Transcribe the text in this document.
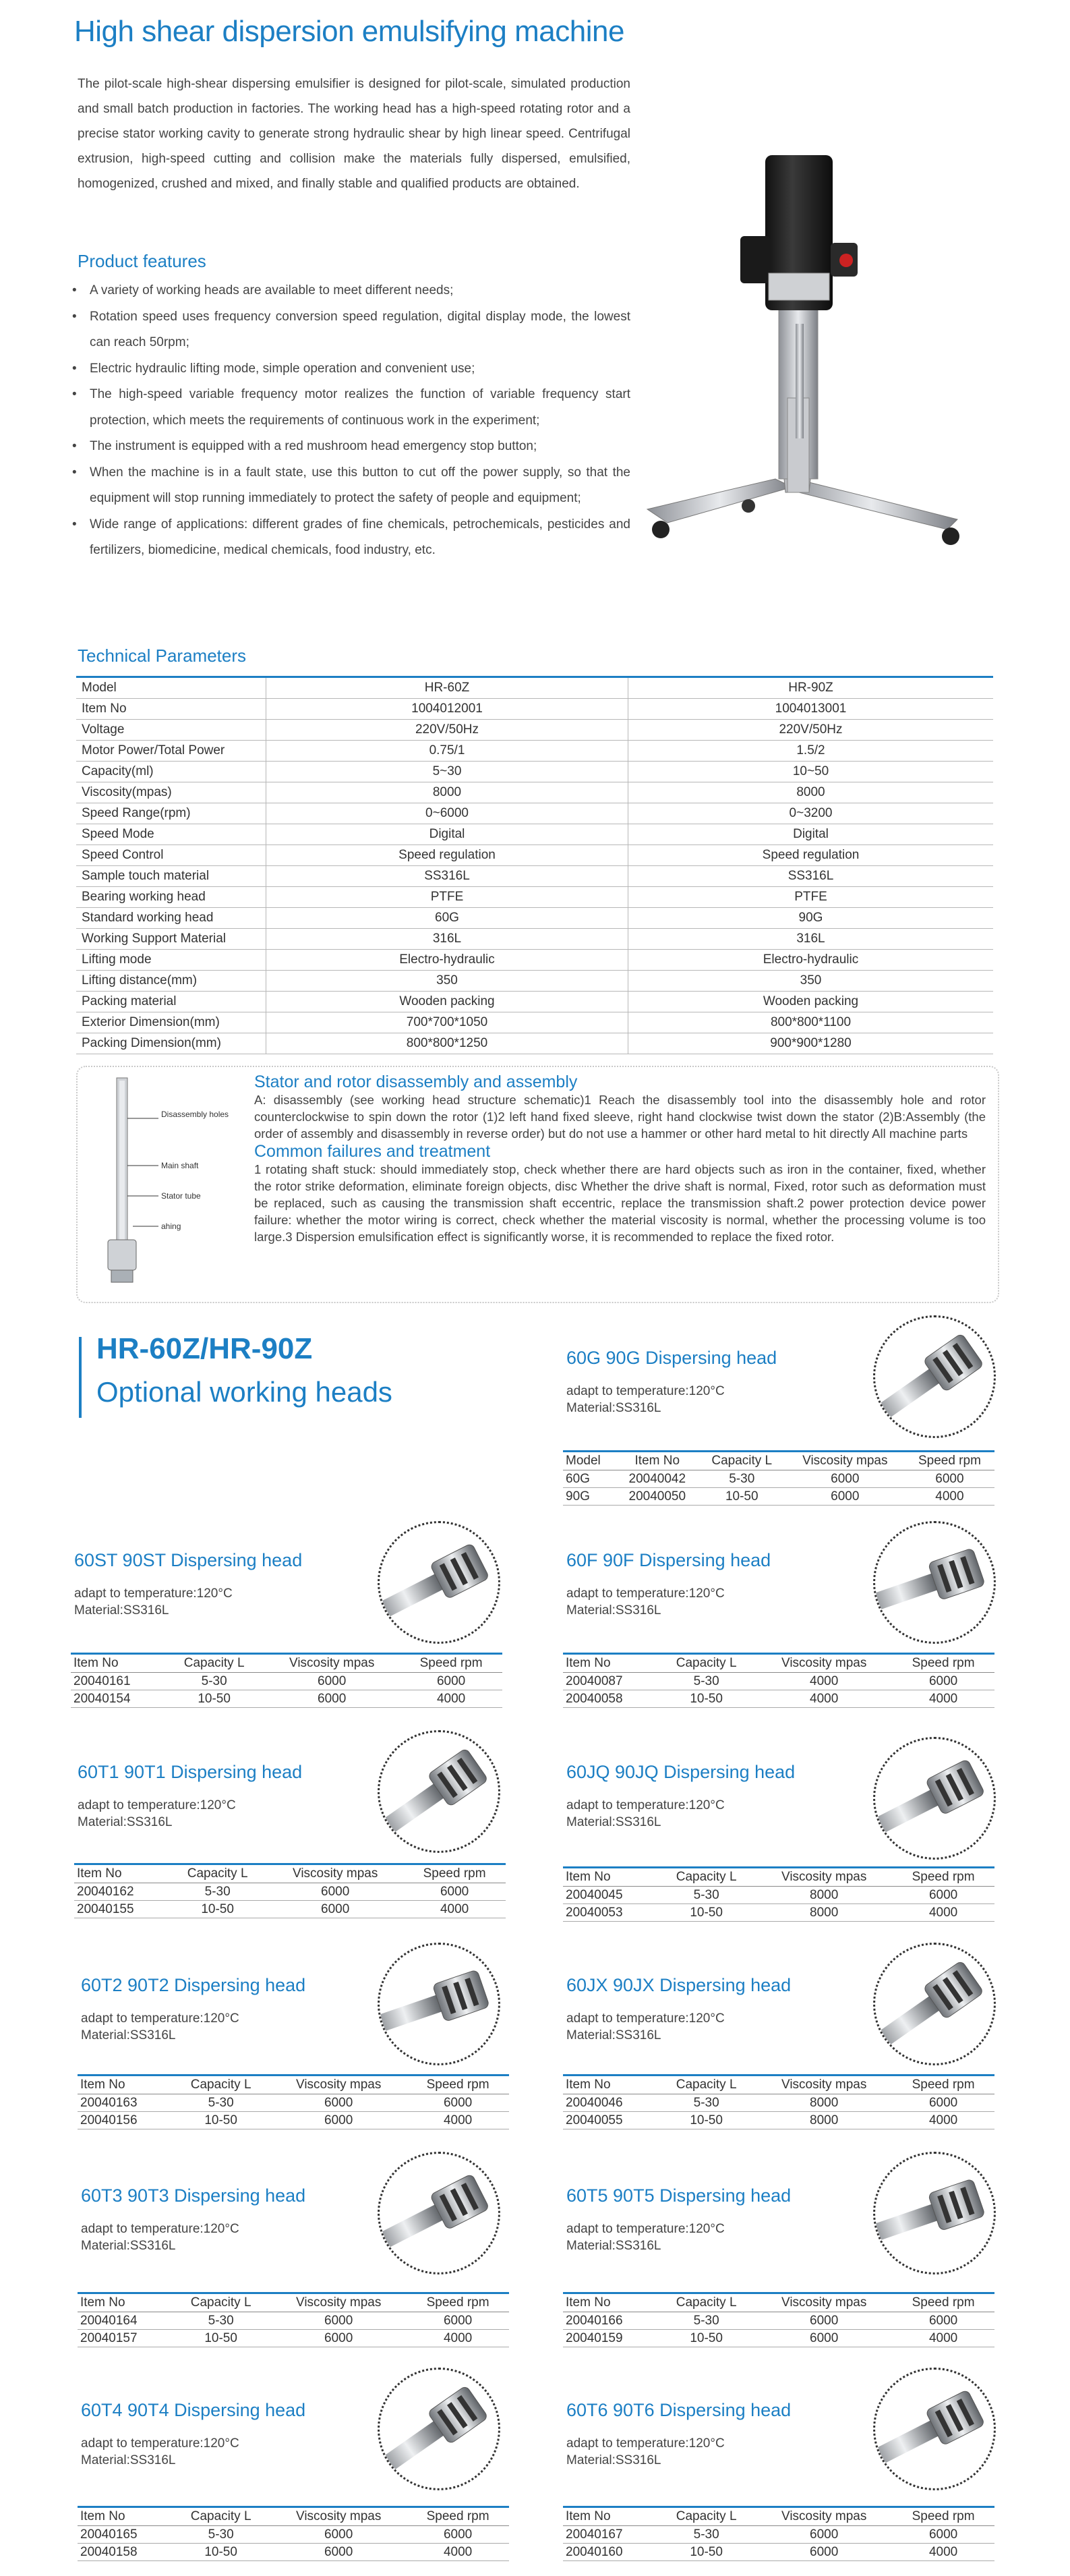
High shear dispersion emulsifying machine

The pilot-scale high-shear dispersing emulsifier is designed for pilot-scale, simulated production and small batch production in factories. The working head has a high-speed rotating rotor and a precise stator working cavity to generate strong hydraulic shear by high linear speed. Centrifugal extrusion, high-speed cutting and collision make the materials fully dispersed, emulsified, homogenized, crushed and mixed, and finally stable and qualified products are obtained.

Product features
• A variety of working heads are available to meet different needs;
• Rotation speed uses frequency conversion speed regulation, digital display mode, the lowest can reach 50rpm;
• Electric hydraulic lifting mode, simple operation and convenient use;
• The high-speed variable frequency motor realizes the function of variable frequency start protection, which meets the requirements of continuous work in the experiment;
• The instrument is equipped with a red mushroom head emergency stop button;
• When the machine is in a fault state, use this button to cut off the power supply, so that the equipment will stop running immediately to protect the safety of people and equipment;
• Wide range of applications: different grades of fine chemicals, petrochemicals, pesticides and fertilizers, biomedicine, medical chemicals, food industry, etc.
Technical Parameters
Model	HR-60Z	HR-90Z
Item No	1004012001	1004013001
Voltage	220V/50Hz	220V/50Hz
Motor Power/Total Power	0.75/1	1.5/2
Capacity(ml)	5~30	10~50
Viscosity(mpas)	8000	8000
Speed Range(rpm)	0~6000	0~3200
Speed Mode	Digital	Digital
Speed Control	Speed regulation	Speed regulation
Sample touch material	SS316L	SS316L
Bearing working head	PTFE	PTFE
Standard working head	60G	90G
Working Support Material	316L	316L
Lifting mode	Electro-hydraulic	Electro-hydraulic
Lifting distance(mm)	350	350
Packing material	Wooden packing	Wooden packing
Exterior Dimension(mm)	700*700*1050	800*800*1100
Packing Dimension(mm)	800*800*1250	900*900*1280
Disassembly holes
Main shaft
Stator tube
ahing
Stator and rotor disassembly and assembly

A: disassembly (see working head structure schematic)1 Reach the disassembly tool into the disassembly hole and rotor counterclockwise to spin down the rotor (1)2 left hand fixed sleeve, right hand clockwise twist down the stator (2)B:Assembly (the order of assembly and disassembly in reverse order) but do not use a hammer or other hard metal to hit directly All machine parts

Common failures and treatment

1 rotating shaft stuck: should immediately stop, check whether there are hard objects such as iron in the container, fixed, whether the rotor strike deformation, eliminate foreign objects, disc Whether the drive shaft is normal, Fixed, rotor such as deformation must be replaced, such as causing the transmission shaft eccentric, replace the transmission shaft.2 power protection device power failure: whether the motor wiring is correct, check whether the material viscosity is normal, whether the processing volume is too large.3 Dispersion emulsification effect is significantly worse, it is recommended to replace the fixed rotor.

HR-60Z/HR-90Z
Optional working heads
60G 90G Dispersing head
adapt to temperature:120°C
Material:SS316L
Model	Item No	Capacity L	Viscosity mpas	Speed rpm
60G	20040042	5-30	6000	6000
90G	20040050	10-50	6000	4000
60ST 90ST Dispersing head
adapt to temperature:120°C
Material:SS316L
Item No	Capacity L	Viscosity mpas	Speed rpm
20040161	5-30	6000	6000
20040154	10-50	6000	4000
60F 90F Dispersing head
adapt to temperature:120°C
Material:SS316L
Item No	Capacity L	Viscosity mpas	Speed rpm
20040087	5-30	4000	6000
20040058	10-50	4000	4000
60T1 90T1 Dispersing head
adapt to temperature:120°C
Material:SS316L
Item No	Capacity L	Viscosity mpas	Speed rpm
20040162	5-30	6000	6000
20040155	10-50	6000	4000
60JQ 90JQ Dispersing head
adapt to temperature:120°C
Material:SS316L
Item No	Capacity L	Viscosity mpas	Speed rpm
20040045	5-30	8000	6000
20040053	10-50	8000	4000
60T2 90T2 Dispersing head
adapt to temperature:120°C
Material:SS316L
Item No	Capacity L	Viscosity mpas	Speed rpm
20040163	5-30	6000	6000
20040156	10-50	6000	4000
60JX 90JX Dispersing head
adapt to temperature:120°C
Material:SS316L
Item No	Capacity L	Viscosity mpas	Speed rpm
20040046	5-30	8000	6000
20040055	10-50	8000	4000
60T3 90T3 Dispersing head
adapt to temperature:120°C
Material:SS316L
Item No	Capacity L	Viscosity mpas	Speed rpm
20040164	5-30	6000	6000
20040157	10-50	6000	4000
60T5 90T5 Dispersing head
adapt to temperature:120°C
Material:SS316L
Item No	Capacity L	Viscosity mpas	Speed rpm
20040166	5-30	6000	6000
20040159	10-50	6000	4000
60T4 90T4 Dispersing head
adapt to temperature:120°C
Material:SS316L
Item No	Capacity L	Viscosity mpas	Speed rpm
20040165	5-30	6000	6000
20040158	10-50	6000	4000
60T6 90T6 Dispersing head
adapt to temperature:120°C
Material:SS316L
Item No	Capacity L	Viscosity mpas	Speed rpm
20040167	5-30	6000	6000
20040160	10-50	6000	4000
